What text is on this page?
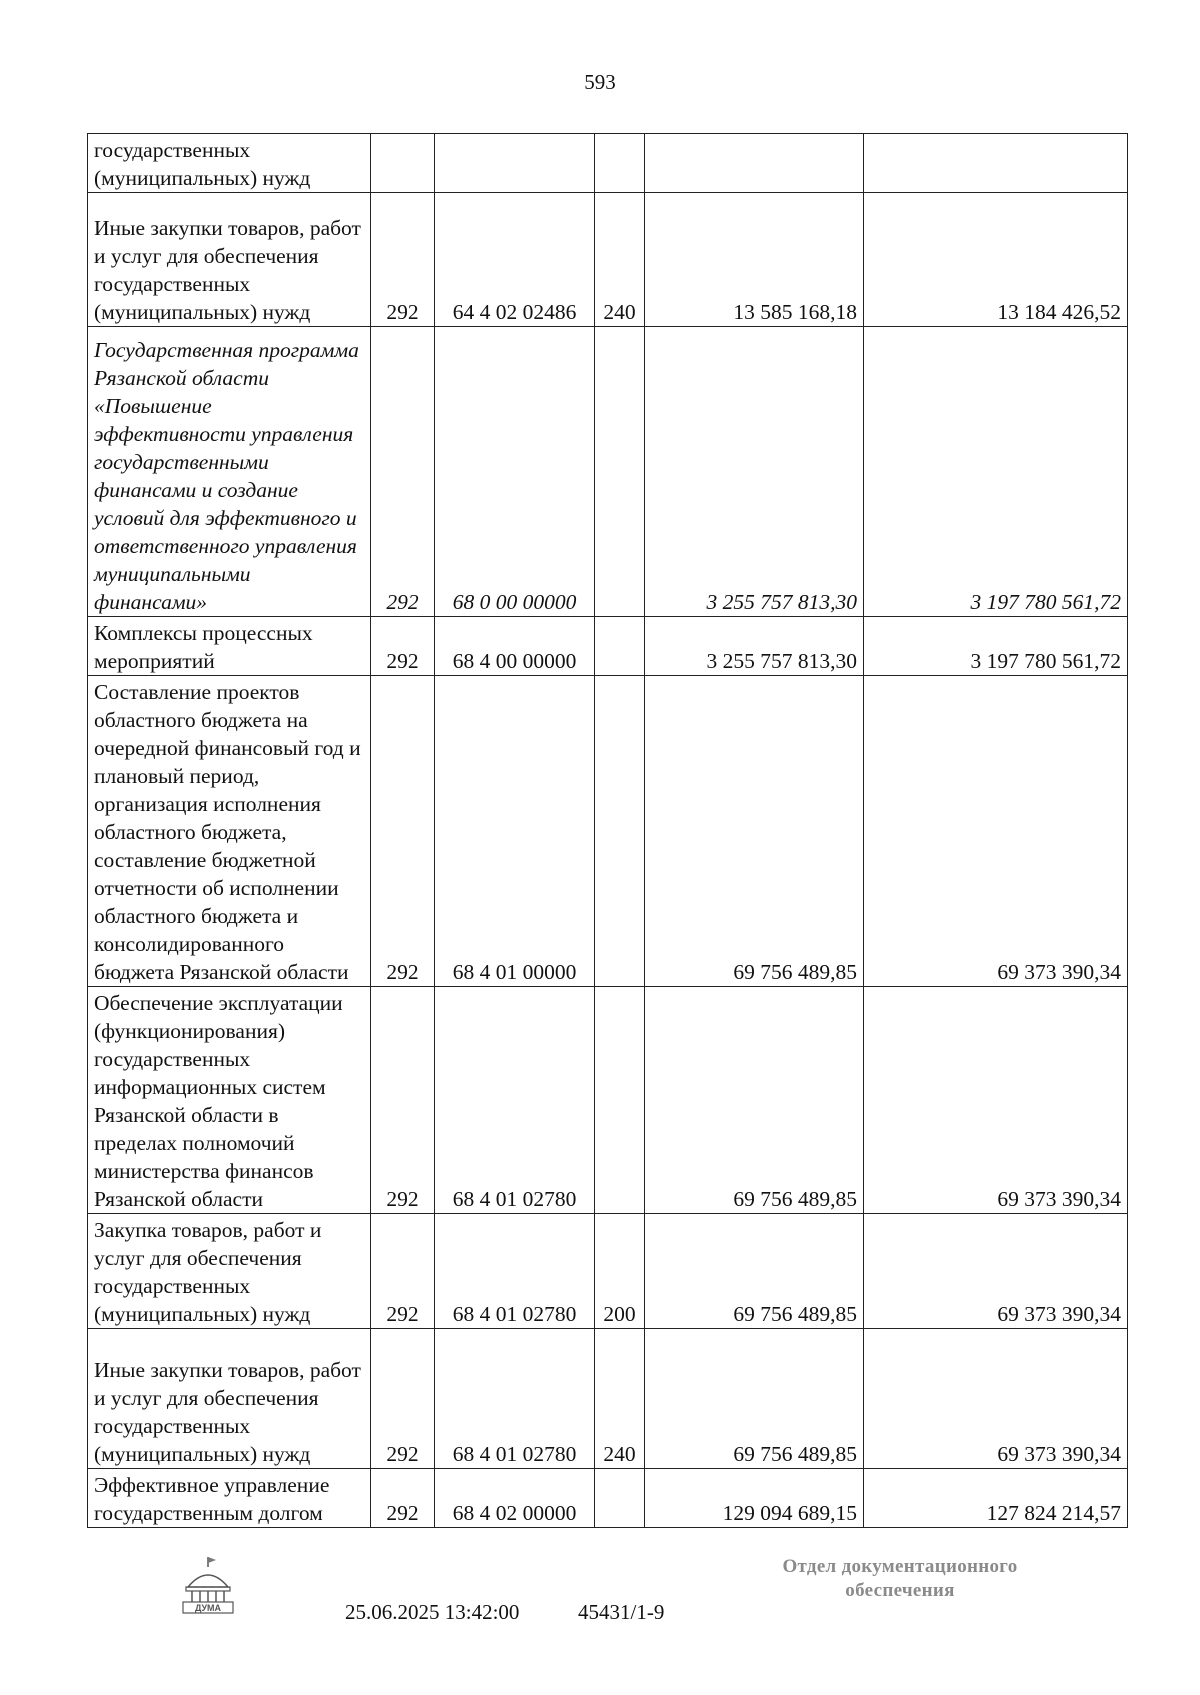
593
государственных (муниципальных) нужд					
Иные закупки товаров, работ и услуг для обеспечения государственных (муниципальных) нужд	292	64 4 02 02486	240	13 585 168,18	13 184 426,52
Государственная программа Рязанской области «Повышение эффективности управления государственными финансами и создание условий для эффективного и ответственного управления муниципальными финансами»	292	68 0 00 00000		3 255 757 813,30	3 197 780 561,72
Комплексы процессных мероприятий	292	68 4 00 00000		3 255 757 813,30	3 197 780 561,72
Составление проектов областного бюджета на очередной финансовый год и плановый период, организация исполнения областного бюджета, составление бюджетной отчетности об исполнении областного бюджета и консолидированного бюджета Рязанской области	292	68 4 01 00000		69 756 489,85	69 373 390,34
Обеспечение эксплуатации (функционирования) государственных информационных систем Рязанской области в пределах полномочий министерства финансов Рязанской области	292	68 4 01 02780		69 756 489,85	69 373 390,34
Закупка товаров, работ и услуг для обеспечения государственных (муниципальных) нужд	292	68 4 01 02780	200	69 756 489,85	69 373 390,34
Иные закупки товаров, работ и услуг для обеспечения государственных (муниципальных) нужд	292	68 4 01 02780	240	69 756 489,85	69 373 390,34
Эффективное управление государственным долгом	292	68 4 02 00000		129 094 689,15	127 824 214,57
ДУМА	25.06.2025 13:42:00	45431/1-9
Отдел документационного
обеспечения
